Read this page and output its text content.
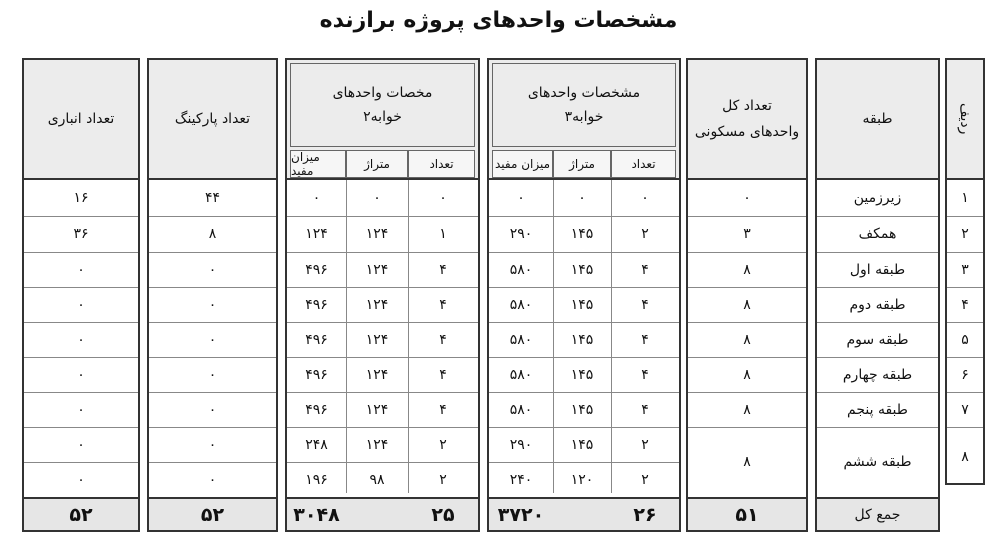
مشخصات واحدهای پروژه برازنده
ردیف
۱
۲
۳
۴
۵
۶
۷
۸
طبقه
زیرزمین
همکف
طبقه اول
طبقه دوم
طبقه سوم
طبقه چهارم
طبقه پنجم
طبقه ششم
جمع کل
تعداد کل
واحدهای مسکونی
۰
۳
۸
۸
۸
۸
۸
۸
۵۱
مشخصات واحدهای
۳خوابه
تعداد
متراژ
میزان مفید
۰
۲
۴
۴
۴
۴
۴
۲
۲
۰
۱۴۵
۱۴۵
۱۴۵
۱۴۵
۱۴۵
۱۴۵
۱۴۵
۱۲۰
۰
۲۹۰
۵۸۰
۵۸۰
۵۸۰
۵۸۰
۵۸۰
۲۹۰
۲۴۰
۲۶
۳۷۲۰
مخصات واحدهای
۲خوابه
تعداد
متراژ
میزان مفید
۰
۱
۴
۴
۴
۴
۴
۲
۲
۰
۱۲۴
۱۲۴
۱۲۴
۱۲۴
۱۲۴
۱۲۴
۱۲۴
۹۸
۰
۱۲۴
۴۹۶
۴۹۶
۴۹۶
۴۹۶
۴۹۶
۲۴۸
۱۹۶
۲۵
۳۰۴۸
تعداد پارکینگ
۴۴
۸
۰
۰
۰
۰
۰
۰
۰
۵۲
تعداد انباری
۱۶
۳۶
۰
۰
۰
۰
۰
۰
۰
۵۲
